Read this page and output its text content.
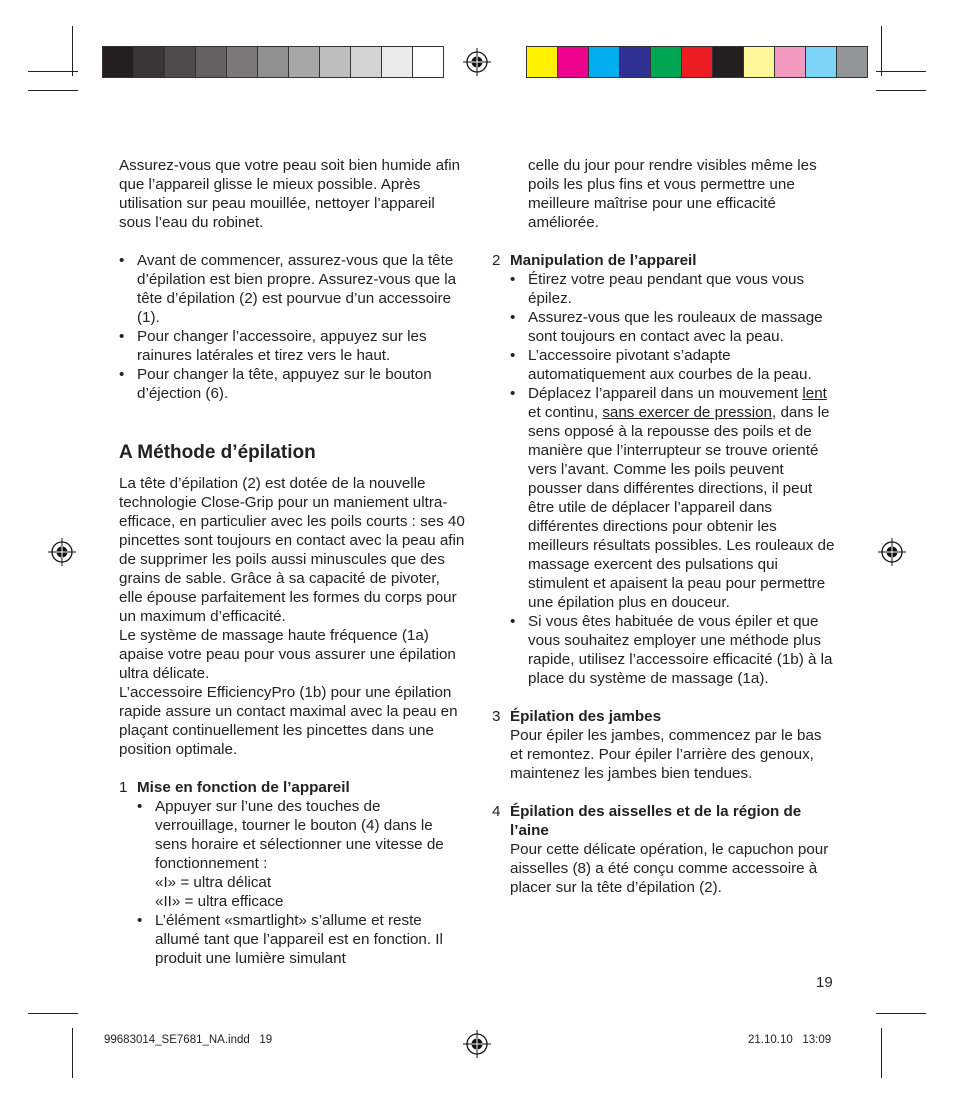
Assurez-vous que votre peau soit bien humide afin que l’appareil glisse le mieux possible. Après utilisation sur peau mouillée, nettoyer l’appareil sous l’eau du robinet.

• Avant de commencer, assurez-vous que la tête d’épilation est bien propre. Assurez-vous que la tête d’épilation (2) est pourvue d’un accessoire (1).
• Pour changer l’accessoire, appuyez sur les rainures latérales et tirez vers le haut.
• Pour changer la tête, appuyez sur le bouton d’éjection (6).
A Méthode d’épilation

La tête d’épilation (2) est dotée de la nouvelle technologie Close-Grip pour un maniement ultra-efficace, en particulier avec les poils courts : ses 40 pincettes sont toujours en contact avec la peau afin de supprimer les poils aussi minuscules que des grains de sable. Grâce à sa capacité de pivoter, elle épouse parfaitement les formes du corps pour un maximum d’efficacité.

Le système de massage haute fréquence (1a) apaise votre peau pour vous assurer une épilation ultra délicate.

L’accessoire EfficiencyPro (1b) pour une épilation rapide assure un contact maximal avec la peau en plaçant continuellement les pincettes dans une position optimale.

1 Mise en fonction de l’appareil
• Appuyer sur l’une des touches de verrouillage, tourner le bouton (4) dans le sens horaire et sélectionner une vitesse de fonctionnement :
«I» = ultra délicat
«II» = ultra efficace
• L’élément «smartlight» s’allume et reste allumé tant que l’appareil est en fonction. Il produit une lumière simulant

celle du jour pour rendre visibles même les poils les plus fins et vous permettre une meilleure maîtrise pour une efficacité améliorée.

2 Manipulation de l’appareil
• Étirez votre peau pendant que vous vous épilez.
• Assurez-vous que les rouleaux de massage sont toujours en contact avec la peau.
• L’accessoire pivotant s’adapte automatiquement aux courbes de la peau.
• Déplacez l’appareil dans un mouvement lent et continu, sans exercer de pression, dans le sens opposé à la repousse des poils et de manière que l’interrupteur se trouve orienté vers l’avant. Comme les poils peuvent pousser dans différentes directions, il peut être utile de déplacer l’appareil dans différentes directions pour obtenir les meilleurs résultats possibles. Les rouleaux de massage exercent des pulsations qui stimulent et apaisent la peau pour permettre une épilation plus en douceur.
• Si vous êtes habituée de vous épiler et que vous souhaitez employer une méthode plus rapide, utilisez l’accessoire efficacité (1b) à la place du système de massage (1a).
3 Épilation des jambes

Pour épiler les jambes, commencez par le bas et remontez. Pour épiler l’arrière des genoux, maintenez les jambes bien tendues.

4 Épilation des aisselles et de la région de l’aine

Pour cette délicate opération, le capuchon pour aisselles (8) a été conçu comme accessoire à placer sur la tête d’épilation (2).

19
99683014_SE7681_NA.indd   19	21.10.10   13:09
